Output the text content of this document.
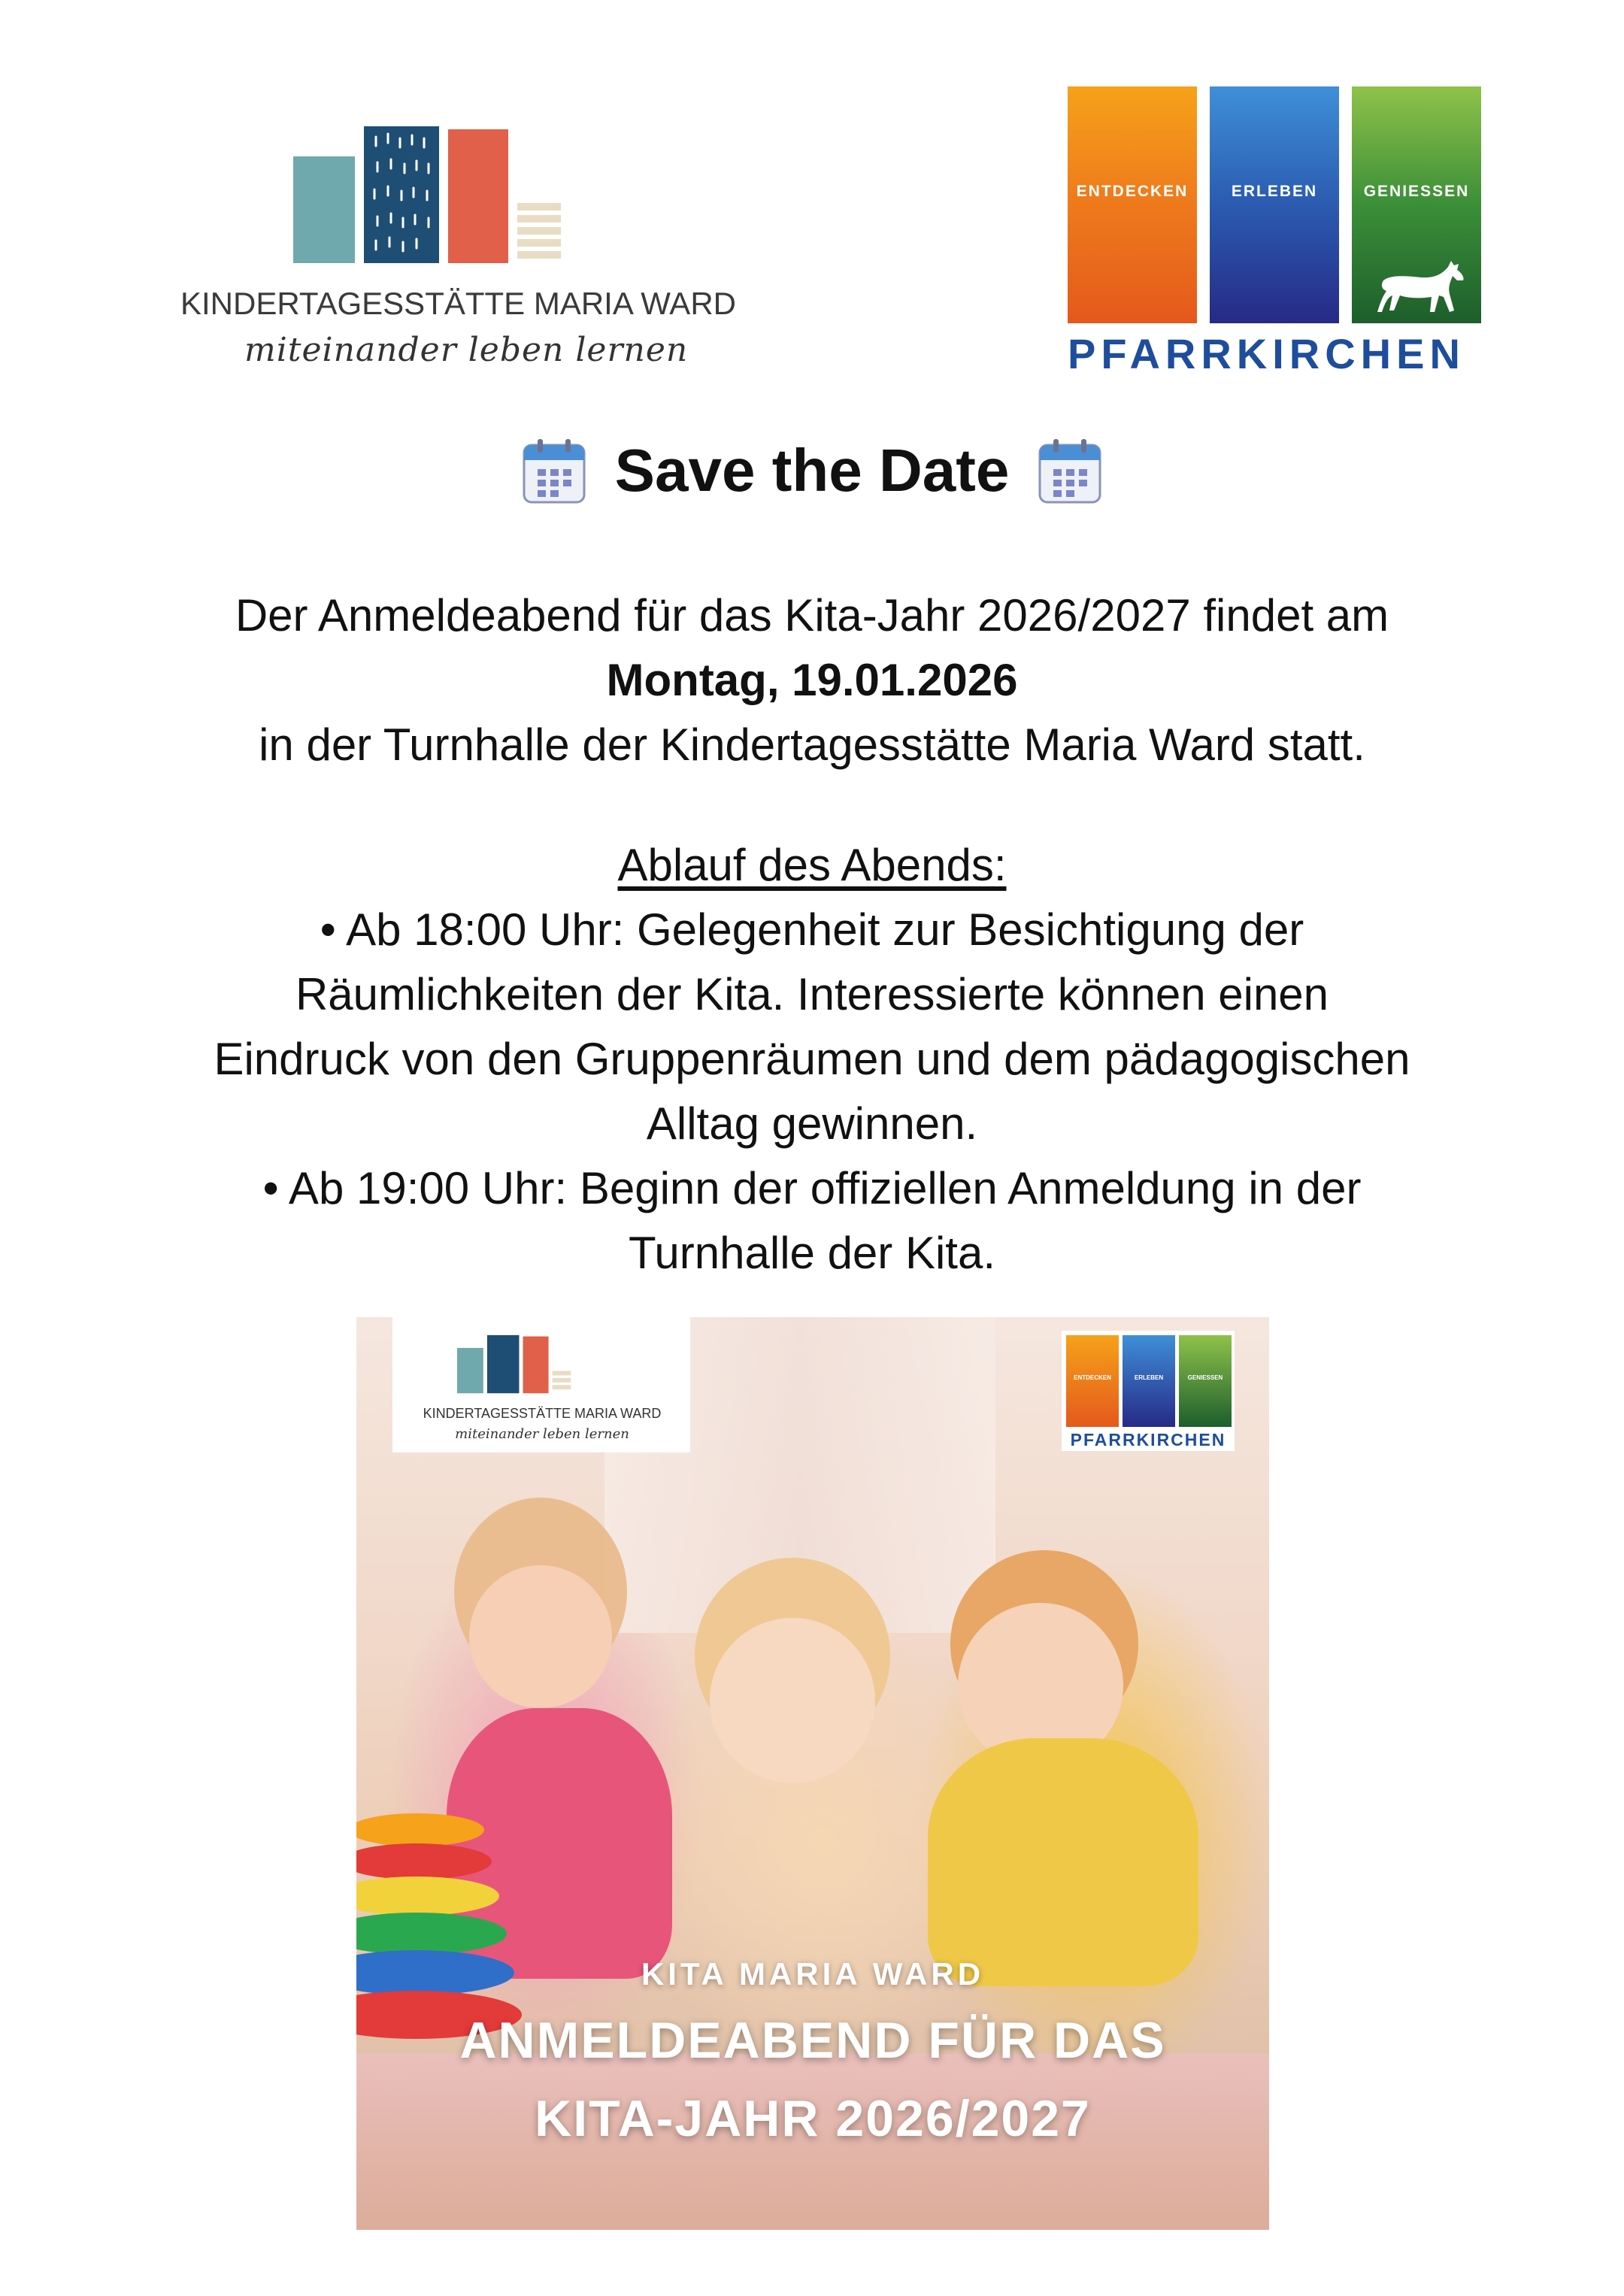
KINDERTAGESSTÄTTE MARIA WARD
miteinander leben lernen
ENTDECKEN	ERLEBEN	GENIESSEN
PFARRKIRCHEN
Save the Date
Der Anmeldeabend für das Kita-Jahr 2026/2027 findet am
Montag, 19.01.2026
in der Turnhalle der Kindertagesstätte Maria Ward statt.
Ablauf des Abends:
• Ab 18:00 Uhr: Gelegenheit zur Besichtigung der
Räumlichkeiten der Kita. Interessierte können einen
Eindruck von den Gruppenräumen und dem pädagogischen
Alltag gewinnen.
• Ab 19:00 Uhr: Beginn der offiziellen Anmeldung in der
Turnhalle der Kita.
KINDERTAGESSTÄTTE MARIA WARD
miteinander leben lernen
ENTDECKEN	ERLEBEN	GENIESSEN
PFARRKIRCHEN
KITA MARIA WARD
ANMELDEABEND FÜR DAS
KITA-JAHR 2026/2027
